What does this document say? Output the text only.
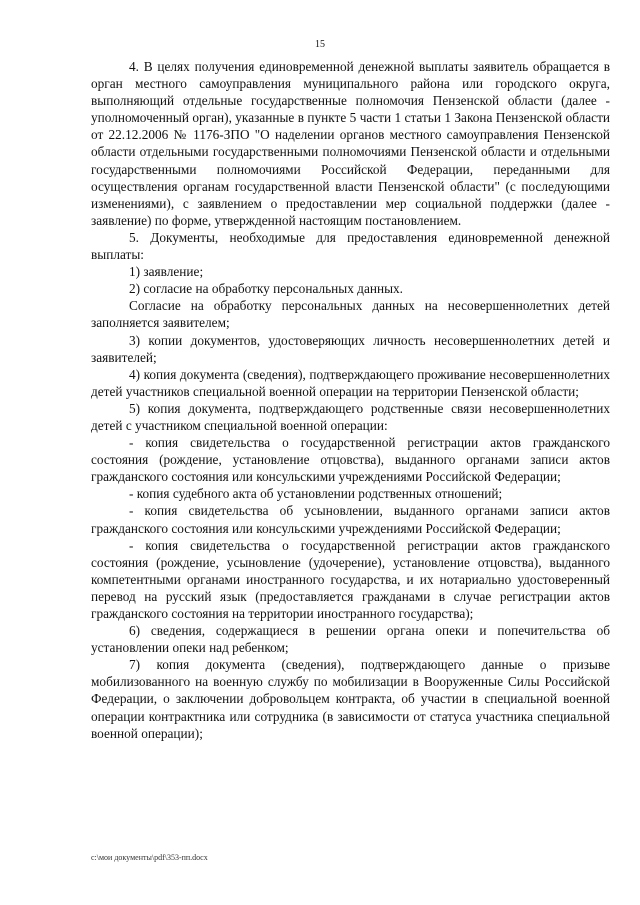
15

4. В целях получения единовременной денежной выплаты заявитель обращается в орган местного самоуправления муниципального района или городского округа, выполняющий отдельные государственные полномочия Пензенской области (далее - уполномоченный орган), указанные в пункте 5 части 1 статьи 1 Закона Пензенской области от 22.12.2006 № 1176-ЗПО "О наделении органов местного самоуправления Пензенской области отдельными государственными полномочиями Пензенской области и отдельными государственными полномочиями Российской Федерации, переданными для осуществления органам государственной власти Пензенской области" (с последующими изменениями), с заявлением о предоставлении мер социальной поддержки (далее - заявление) по форме, утвержденной настоящим постановлением.

5. Документы, необходимые для предоставления единовременной денежной выплаты:

1) заявление;

2) согласие на обработку персональных данных.

Согласие на обработку персональных данных на несовершеннолетних детей заполняется заявителем;

3) копии документов, удостоверяющих личность несовершеннолетних детей и заявителей;

4) копия документа (сведения), подтверждающего проживание несовершеннолетних детей участников специальной военной операции на территории Пензенской области;

5) копия документа, подтверждающего родственные связи несовершеннолетних детей с участником специальной военной операции:

- копия свидетельства о государственной регистрации актов гражданского состояния (рождение, установление отцовства), выданного органами записи актов гражданского состояния или консульскими учреждениями Российской Федерации;

- копия судебного акта об установлении родственных отношений;

- копия свидетельства об усыновлении, выданного органами записи актов гражданского состояния или консульскими учреждениями Российской Федерации;

- копия свидетельства о государственной регистрации актов гражданского состояния (рождение, усыновление (удочерение), установление отцовства), выданного компетентными органами иностранного государства, и их нотариально удостоверенный перевод на русский язык (предоставляется гражданами в случае регистрации актов гражданского состояния на территории иностранного государства);

6) сведения, содержащиеся в решении органа опеки и попечительства об установлении опеки над ребенком;

7) копия документа (сведения), подтверждающего данные о призыве мобилизованного на военную службу по мобилизации в Вооруженные Силы Российской Федерации, о заключении добровольцем контракта, об участии в специальной военной операции контрактника или сотрудника (в зависимости от статуса участника специальной военной операции);

c:\мои документы\pdf\353-пп.docx
